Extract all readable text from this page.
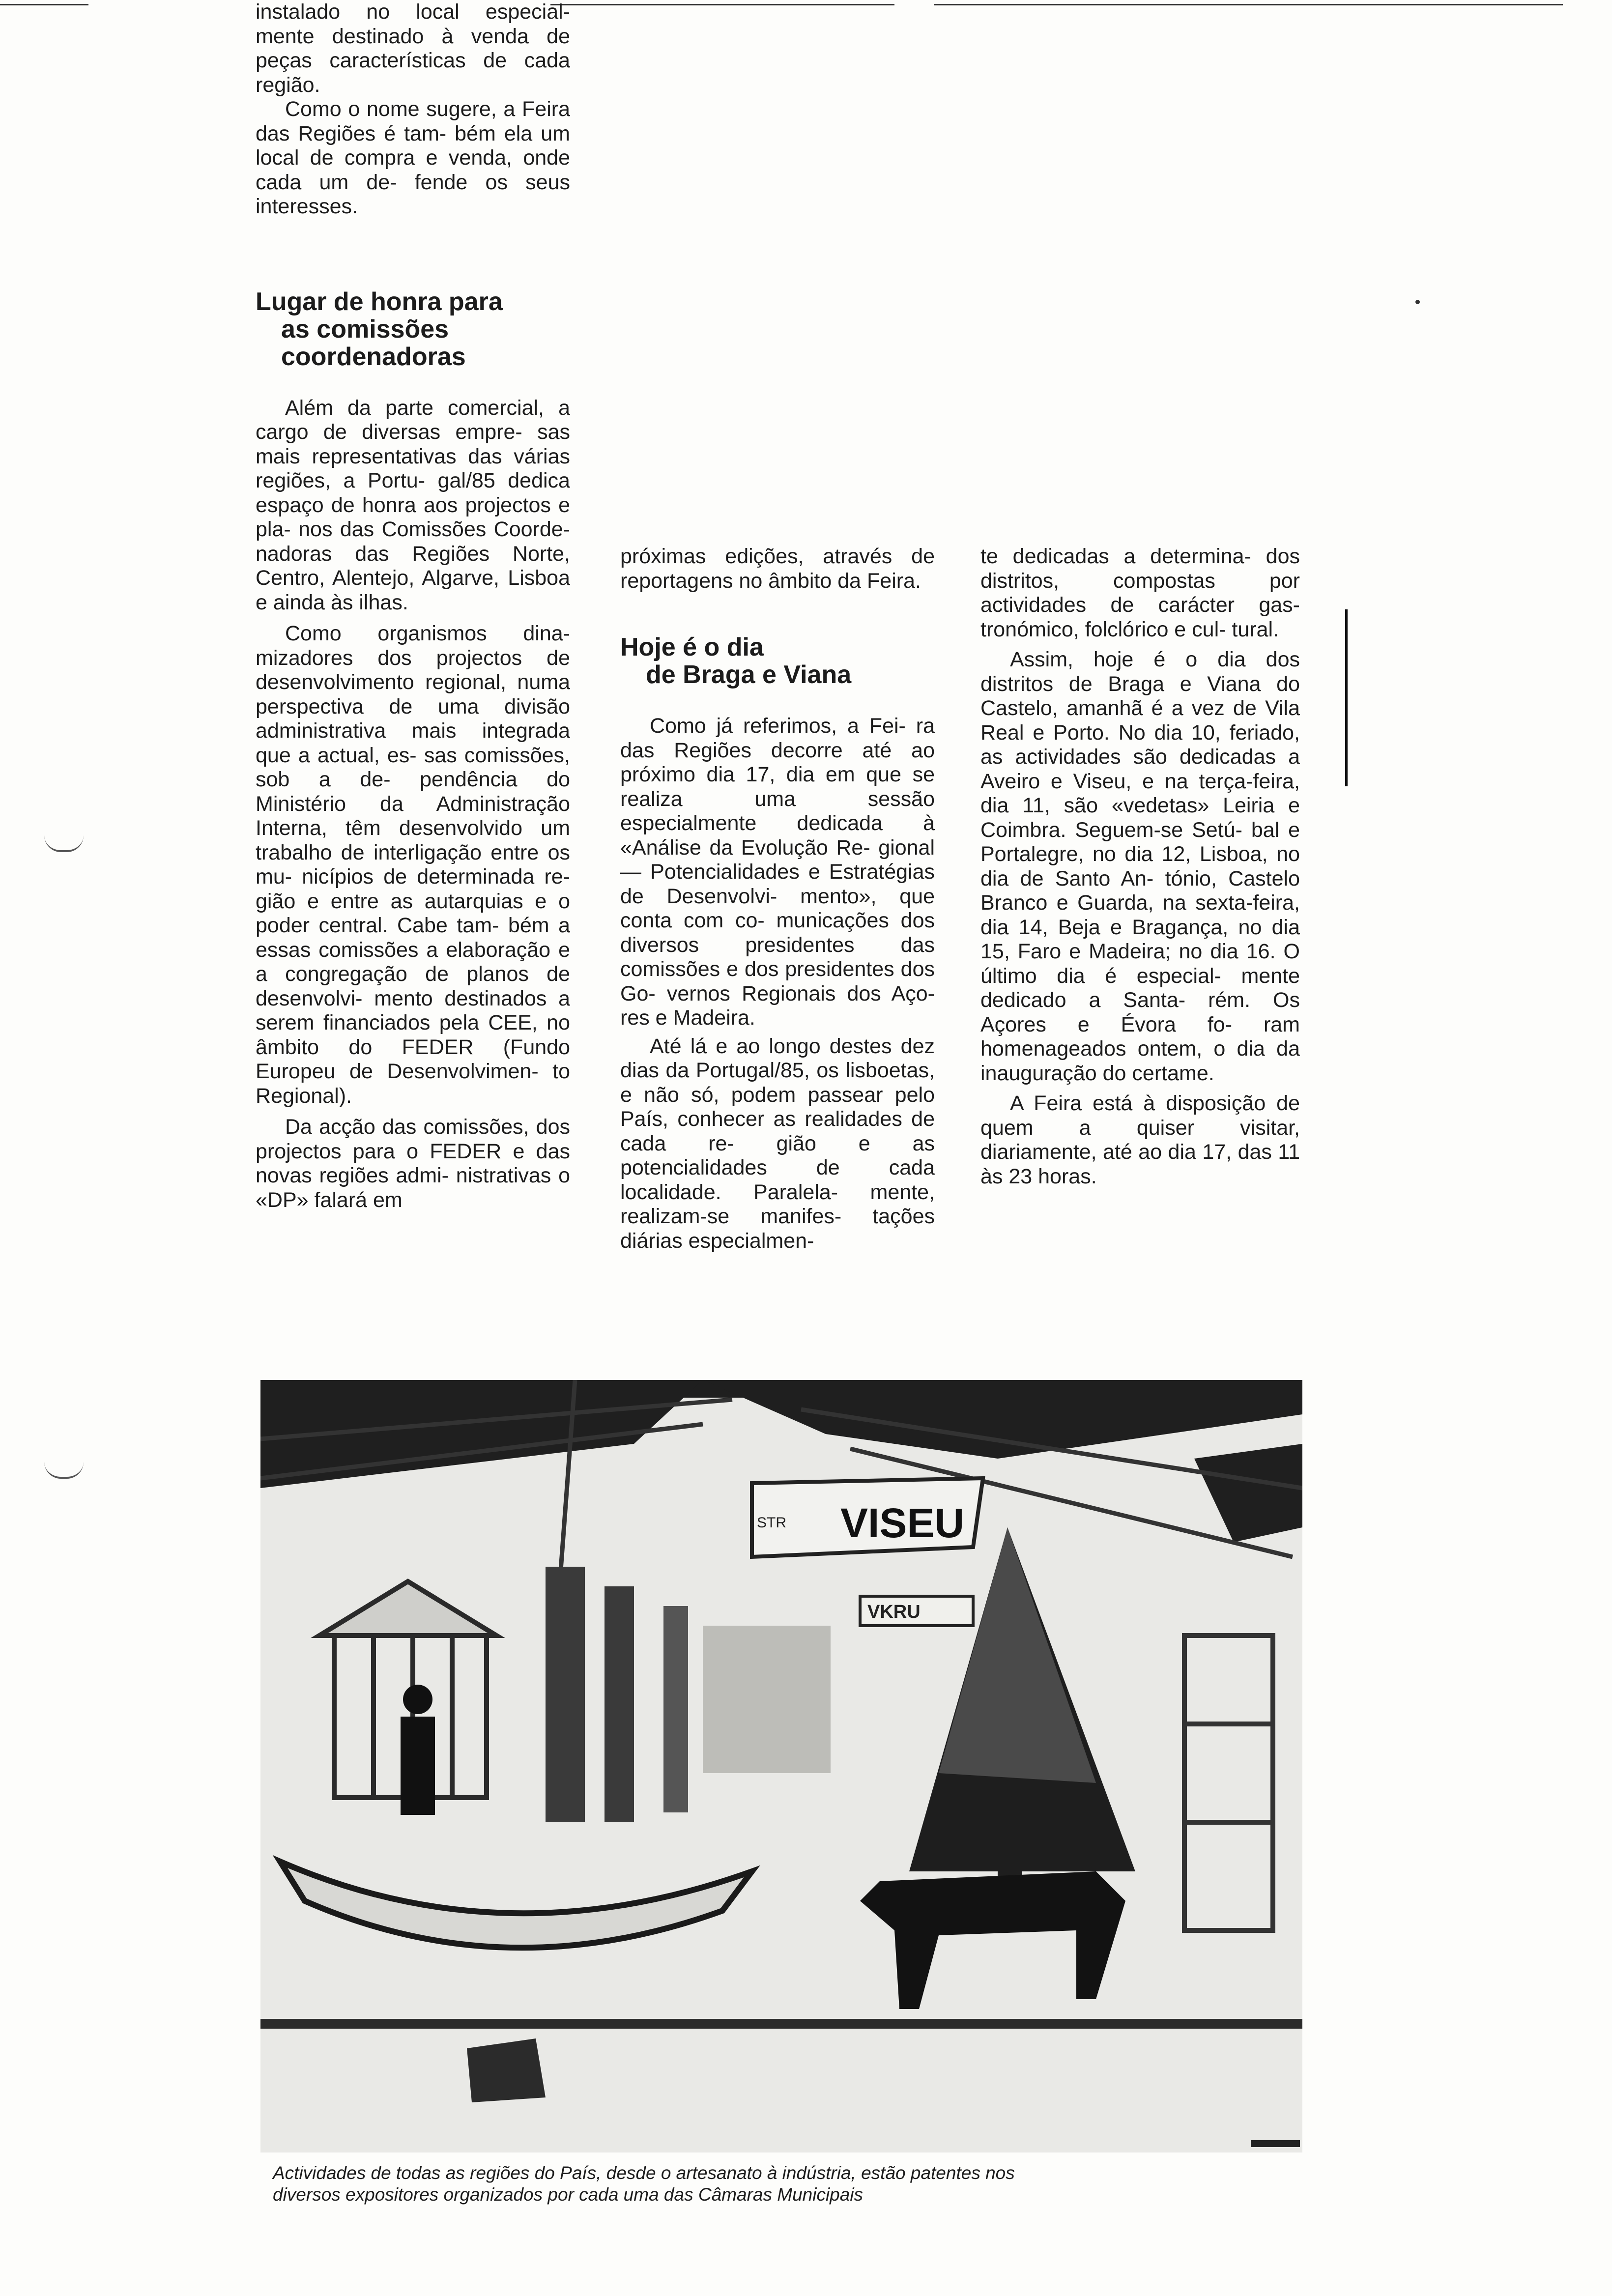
instalado no local especial- mente destinado à venda de peças características de cada região.

Como o nome sugere, a Feira das Regiões é tam- bém ela um local de compra e venda, onde cada um de- fende os seus interesses.

Lugar de honra para
as comissões
coordenadoras

Além da parte comercial, a cargo de diversas empre- sas mais representativas das várias regiões, a Portu- gal/85 dedica espaço de honra aos projectos e pla- nos das Comissões Coorde- nadoras das Regiões Norte, Centro, Alentejo, Algarve, Lisboa e ainda às ilhas.

Como organismos dina- mizadores dos projectos de desenvolvimento regional, numa perspectiva de uma divisão administrativa mais integrada que a actual, es- sas comissões, sob a de- pendência do Ministério da Administração Interna, têm desenvolvido um trabalho de interligação entre os mu- nicípios de determinada re- gião e entre as autarquias e o poder central. Cabe tam- bém a essas comissões a elaboração e a congregação de planos de desenvolvi- mento destinados a serem financiados pela CEE, no âmbito do FEDER (Fundo Europeu de Desenvolvimen- to Regional).

Da acção das comissões, dos projectos para o FEDER e das novas regiões admi- nistrativas o «DP» falará em

próximas edições, através de reportagens no âmbito da Feira.

Hoje é o dia
de Braga e Viana

Como já referimos, a Fei- ra das Regiões decorre até ao próximo dia 17, dia em que se realiza uma sessão especialmente dedicada à «Análise da Evolução Re- gional — Potencialidades e Estratégias de Desenvolvi- mento», que conta com co- municações dos diversos presidentes das comissões e dos presidentes dos Go- vernos Regionais dos Aço- res e Madeira.

Até lá e ao longo destes dez dias da Portugal/85, os lisboetas, e não só, podem passear pelo País, conhecer as realidades de cada re- gião e as potencialidades de cada localidade. Paralela- mente, realizam-se manifes- tações diárias especialmen-

te dedicadas a determina- dos distritos, compostas por actividades de carácter gas- tronómico, folclórico e cul- tural.

Assim, hoje é o dia dos distritos de Braga e Viana do Castelo, amanhã é a vez de Vila Real e Porto. No dia 10, feriado, as actividades são dedicadas a Aveiro e Viseu, e na terça-feira, dia 11, são «vedetas» Leiria e Coimbra. Seguem-se Setú- bal e Portalegre, no dia 12, Lisboa, no dia de Santo An- tónio, Castelo Branco e Guarda, na sexta-feira, dia 14, Beja e Bragança, no dia 15, Faro e Madeira; no dia 16. O último dia é especial- mente dedicado a Santa- rém. Os Açores e Évora fo- ram homenageados ontem, o dia da inauguração do certame.

A Feira está à disposição de quem a quiser visitar, diariamente, até ao dia 17, das 11 às 23 horas.

VISEU
STR
VKRU

Actividades de todas as regiões do País, desde o artesanato à indústria, estão patentes nos

diversos expositores organizados por cada uma das Câmaras Municipais
